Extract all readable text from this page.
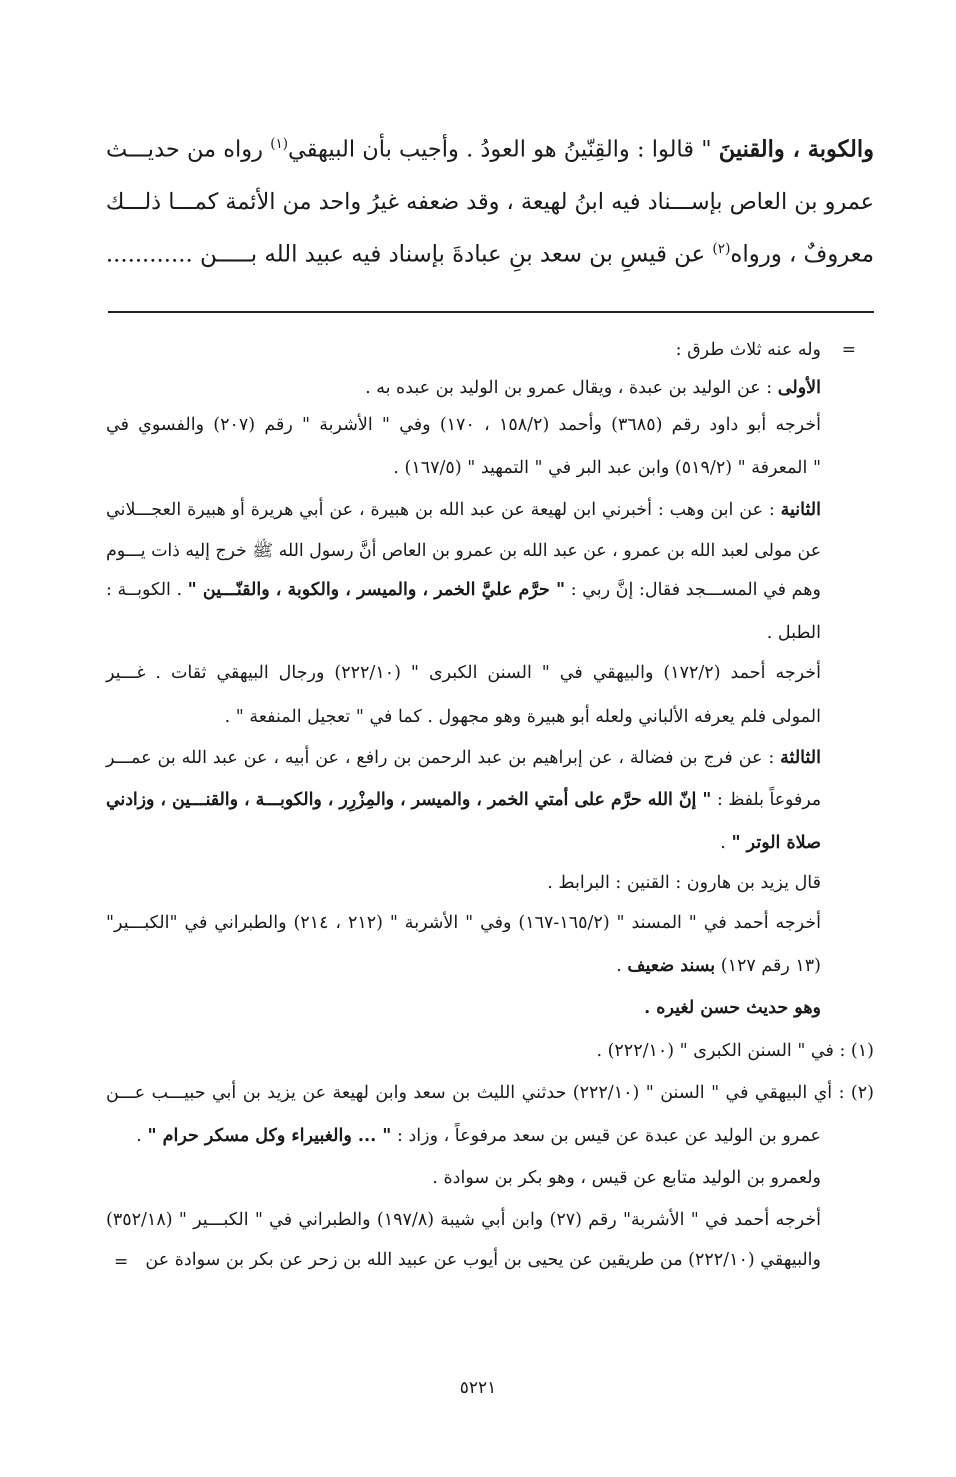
والكوبة ، والقنينَ " قالوا : والقِنّينُ هو العودُ . وأجيب بأن البيهقي$^{(١)}$ رواه من حديـــث
عمرو بن العاص بإســـناد فيه ابنُ لهيعة ، وقد ضعفه غيرُ واحد من الأئمة كمـــا ذلـــك
معروفٌ ، ورواه$^{(٢)}$ عن قيسِ بن سعد بنِ عبادةَ بإسناد فيه عبيد الله بـــــن ............
=
وله عنه ثلاث طرق :
الأولى : عن الوليد بن عبدة ، ويقال عمرو بن الوليد بن عبده به .
أخرجه أبو داود رقم (٣٦٨٥) وأحمد (١٥٨/٢ ، ١٧٠) وفي " الأشربة " رقم (٢٠٧) والفسوي في
" المعرفة " (٥١٩/٢) وابن عبد البر في " التمهيد " (١٦٧/٥) .
الثانية : عن ابن وهب : أخبرني ابن لهيعة عن عبد الله بن هبيرة ، عن أبي هريرة أو هبيرة العجـــلاني
عن مولى لعبد الله بن عمرو ، عن عبد الله بن عمرو بن العاص أنَّ رسول الله ﷺ خرج إليه ذات يـــوم
وهم في المســـجد فقال: إنَّ ربي : " حرَّم عليَّ الخمر ، والميسر ، والكوبة ، والقنّـــين " . الكوبــة :
الطبل .
أخرجه أحمد (١٧٢/٢) والبيهقي في " السنن الكبرى " (٢٢٢/١٠) ورجال البيهقي ثقات . غـــير
المولى فلم يعرفه الألباني ولعله أبو هبيرة وهو مجهول . كما في " تعجيل المنفعة " .
الثالثة : عن فرج بن فضالة ، عن إبراهيم بن عبد الرحمن بن رافع ، عن أبيه ، عن عبد الله بن عمـــر
مرفوعاً بلفظ : " إنّ الله حرَّم على أمتي الخمر ، والميسر ، والمِزْرِر ، والكوبـــة ، والقنـــين ، وزادني
صلاة الوتر " .
قال يزيد بن هارون : القنين : البرابط .
أخرجه أحمد في " المسند " (١٦٥/٢-١٦٧) وفي " الأشربة " (٢١٢ ، ٢١٤) والطبراني في "الكبـــير"
(١٣ رقم ١٢٧) بسند ضعيف .
وهو حديث حسن لغيره .
(١) : في " السنن الكبرى " (٢٢٢/١٠) .
(٢) : أي البيهقي في " السنن " (٢٢٢/١٠) حدثني الليث بن سعد وابن لهيعة عن يزيد بن أبي حبيـــب عـــن
عمرو بن الوليد عن عبدة عن قيس بن سعد مرفوعاً ، وزاد : " ... والغبيراء وكل مسكر حرام " .
ولعمرو بن الوليد متابع عن قيس ، وهو بكر بن سوادة .
أخرجه أحمد في " الأشربة" رقم (٢٧) وابن أبي شيبة (١٩٧/٨) والطبراني في " الكبـــير " (٣٥٢/١٨)
والبيهقي (٢٢٢/١٠) من طريقين عن يحيى بن أيوب عن عبيد الله بن زحر عن بكر بن سوادة عن
=
٥٢٢١
